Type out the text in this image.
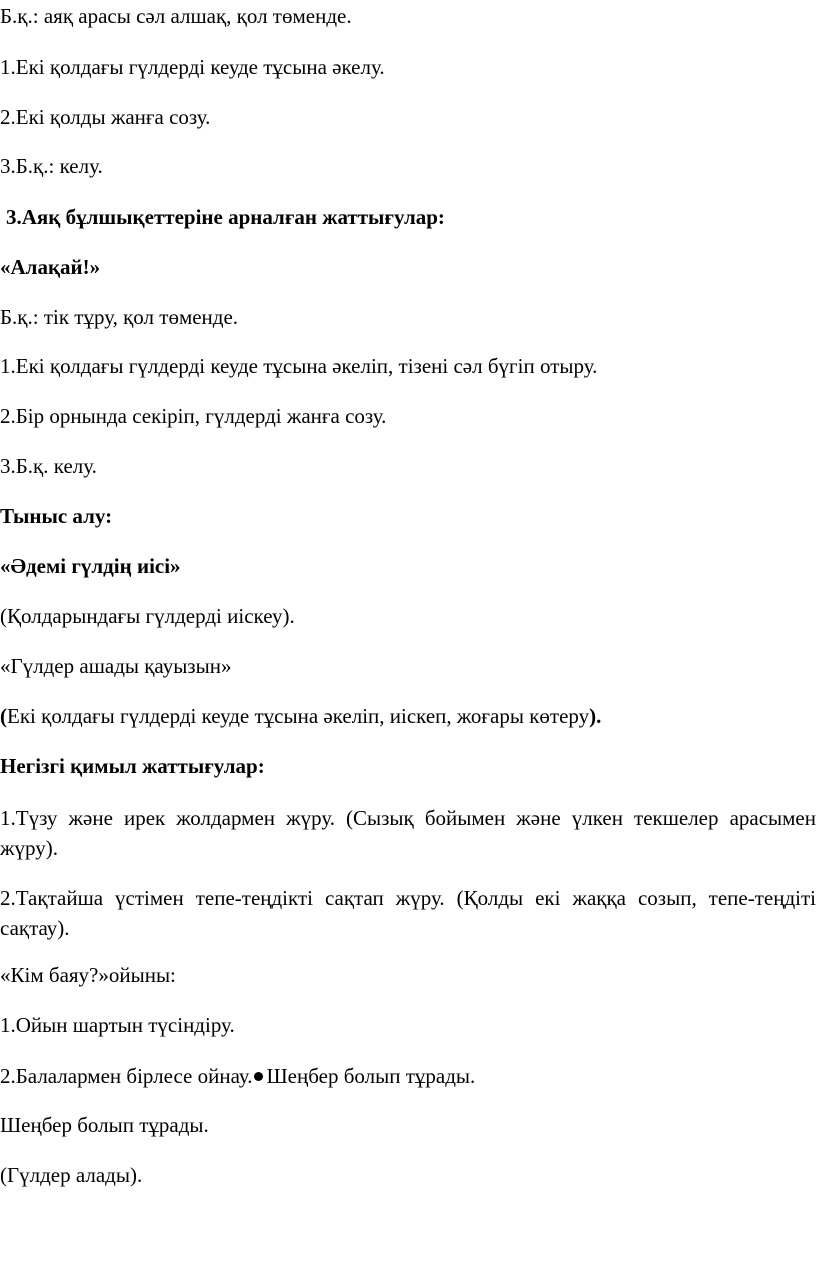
Б.қ.: аяқ арасы сәл алшақ, қол төменде.
1.Екі қолдағы гүлдерді кеуде тұсына әкелу.
2.Екі қолды жанға созу.
3.Б.қ.: келу.
3.Аяқ бұлшықеттеріне арналған жаттығулар:
«Алақай!»
Б.қ.: тік тұру, қол төменде.
1.Екі қолдағы гүлдерді кеуде тұсына әкеліп, тізені сәл бүгіп отыру.
2.Бір орнында секіріп, гүлдерді жанға созу.
3.Б.қ. келу.
Тыныс алу:
«Әдемі гүлдің иісі»
(Қолдарындағы гүлдерді иіскеу).
«Гүлдер ашады қауызын»
(Екі қолдағы гүлдерді кеуде тұсына әкеліп, иіскеп, жоғары көтеру).
Негізгі қимыл жаттығулар:
1.Түзу және ирек жолдармен жүру. (Сызық бойымен және үлкен текшелер арасымен жүру).
2.Тақтайша үстімен тепе-теңдікті сақтап жүру. (Қолды екі жаққа созып, тепе-теңдіті сақтау).
«Кім баяу?»ойыны:
1.Ойын шартын түсіндіру.
2.Балалармен бірлесе ойнау. Шеңбер болып тұрады.
Шеңбер болып тұрады.
(Гүлдер алады).
